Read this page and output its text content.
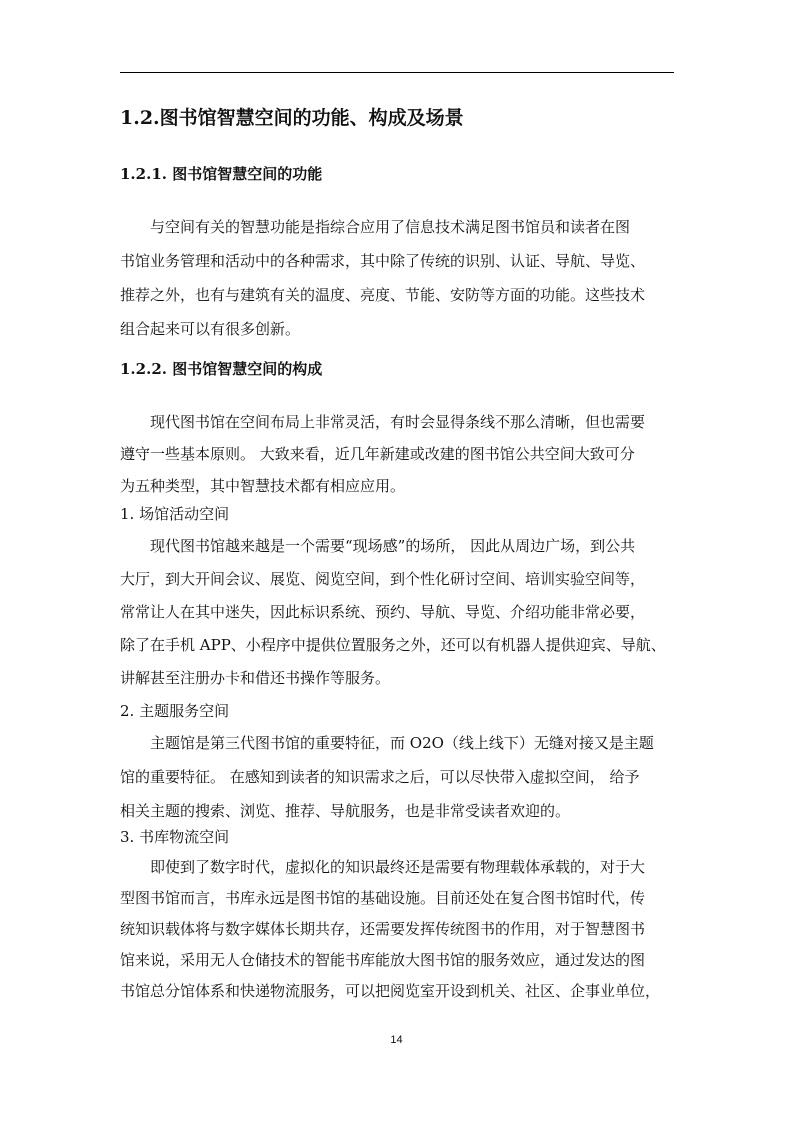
1.2.图书馆智慧空间的功能、构成及场景
1.2.1. 图书馆智慧空间的功能
　　与空间有关的智慧功能是指综合应用了信息技术满足图书馆员和读者在图
书馆业务管理和活动中的各种需求，其中除了传统的识别、认证、导航、导览、
推荐之外，也有与建筑有关的温度、亮度、节能、安防等方面的功能。这些技术
组合起来可以有很多创新。
1.2.2. 图书馆智慧空间的构成
　　现代图书馆在空间布局上非常灵活，有时会显得条线不那么清晰，但也需要
遵守一些基本原则。 大致来看，近几年新建或改建的图书馆公共空间大致可分
为五种类型，其中智慧技术都有相应应用。
1. 场馆活动空间
　　现代图书馆越来越是一个需要“现场感”的场所， 因此从周边广场，到公共
大厅，到大开间会议、展览、阅览空间，到个性化研讨空间、培训实验空间等，
常常让人在其中迷失，因此标识系统、预约、导航、导览、介绍功能非常必要，
除了在手机 APP、小程序中提供位置服务之外，还可以有机器人提供迎宾、导航、
讲解甚至注册办卡和借还书操作等服务。
2. 主题服务空间
　　主题馆是第三代图书馆的重要特征，而 O2O（线上线下）无缝对接又是主题
馆的重要特征。 在感知到读者的知识需求之后，可以尽快带入虚拟空间， 给予
相关主题的搜索、浏览、推荐、导航服务，也是非常受读者欢迎的。
3. 书库物流空间
　　即使到了数字时代，虚拟化的知识最终还是需要有物理载体承载的，对于大
型图书馆而言，书库永远是图书馆的基础设施。目前还处在复合图书馆时代，传
统知识载体将与数字媒体长期共存，还需要发挥传统图书的作用，对于智慧图书
馆来说，采用无人仓储技术的智能书库能放大图书馆的服务效应，通过发达的图
书馆总分馆体系和快递物流服务，可以把阅览室开设到机关、社区、企事业单位，
14
